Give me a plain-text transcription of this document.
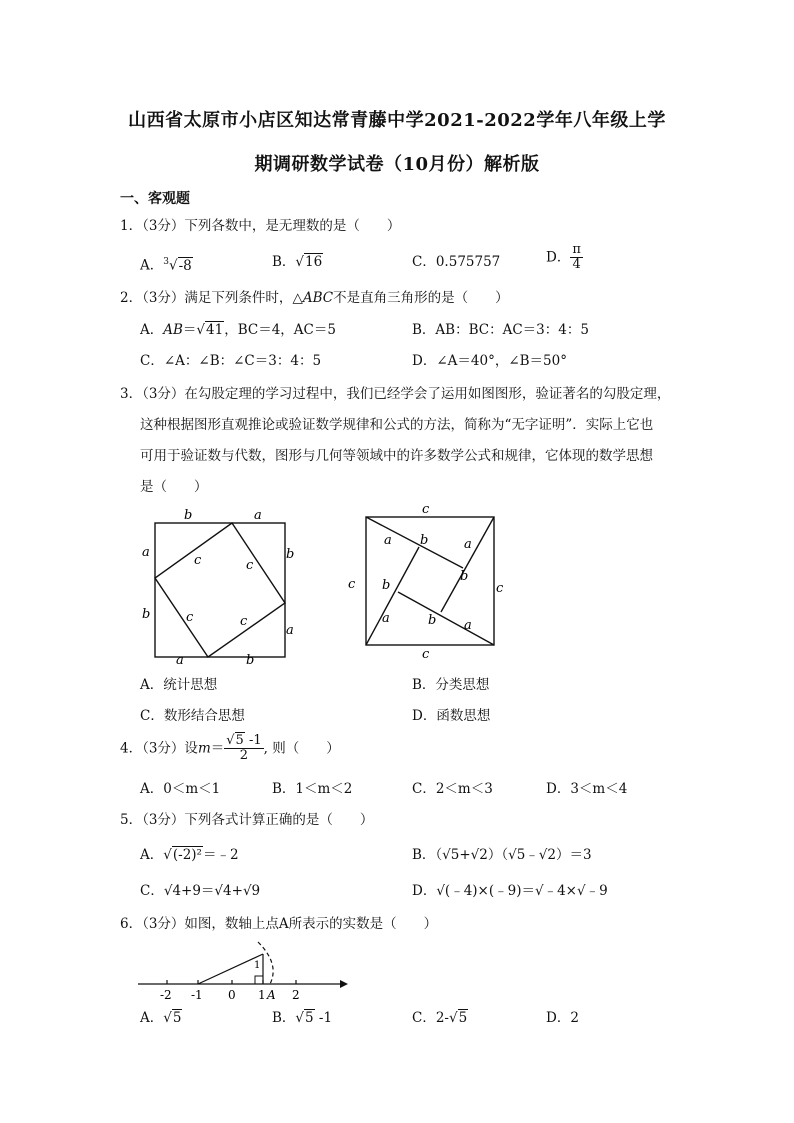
山西省太原市小店区知达常青藤中学2021-2022学年八年级上学
期调研数学试卷（10月份）解析版
一、客观题
1．（3分）下列各数中，是无理数的是（　　）
A．$^3$√-8	B．√16	C．0.575757	D． $\frac{\pi}{4}$
2．（3分）满足下列条件时，△ABC不是直角三角形的是（　　）
A．AB＝√41，BC＝4，AC＝5	B．AB：BC：AC＝3：4：5
C．∠A：∠B：∠C＝3：4：5	D．∠A＝40°，∠B＝50°
3．（3分）在勾股定理的学习过程中，我们已经学会了运用如图图形，验证著名的勾股定理，
这种根据图形直观推论或验证数学规律和公式的方法，简称为“无字证明”．实际上它也
可用于验证数与代数，图形与几何等领域中的许多数学公式和规律，它体现的数学思想
是（　　）
b	a
a
b
b
a
a	b
c	c
c	c
c
c	c
c
a b	a
b
b
a	b a
A．统计思想	B．分类思想
C．数形结合思想	D．函数思想
4．（3分）设$m= \frac{√5 -1}{2}$ , 则（　　）
A．0＜m＜1	B．1＜m＜2	C．2＜m＜3	D．3＜m＜4
5．（3分）下列各式计算正确的是（　　）
A．√(-2)²＝﹣2	B．（√5+√2）（√5﹣√2）＝3
C．√4+9＝√4+√9	D．√(﹣4)×(﹣9)＝√﹣4×√﹣9
6．（3分）如图，数轴上点A所表示的实数是（　　）
-2 -1 0 1 A 2
1
A．√5	B．√5 -1	C．2-√5	D．2
